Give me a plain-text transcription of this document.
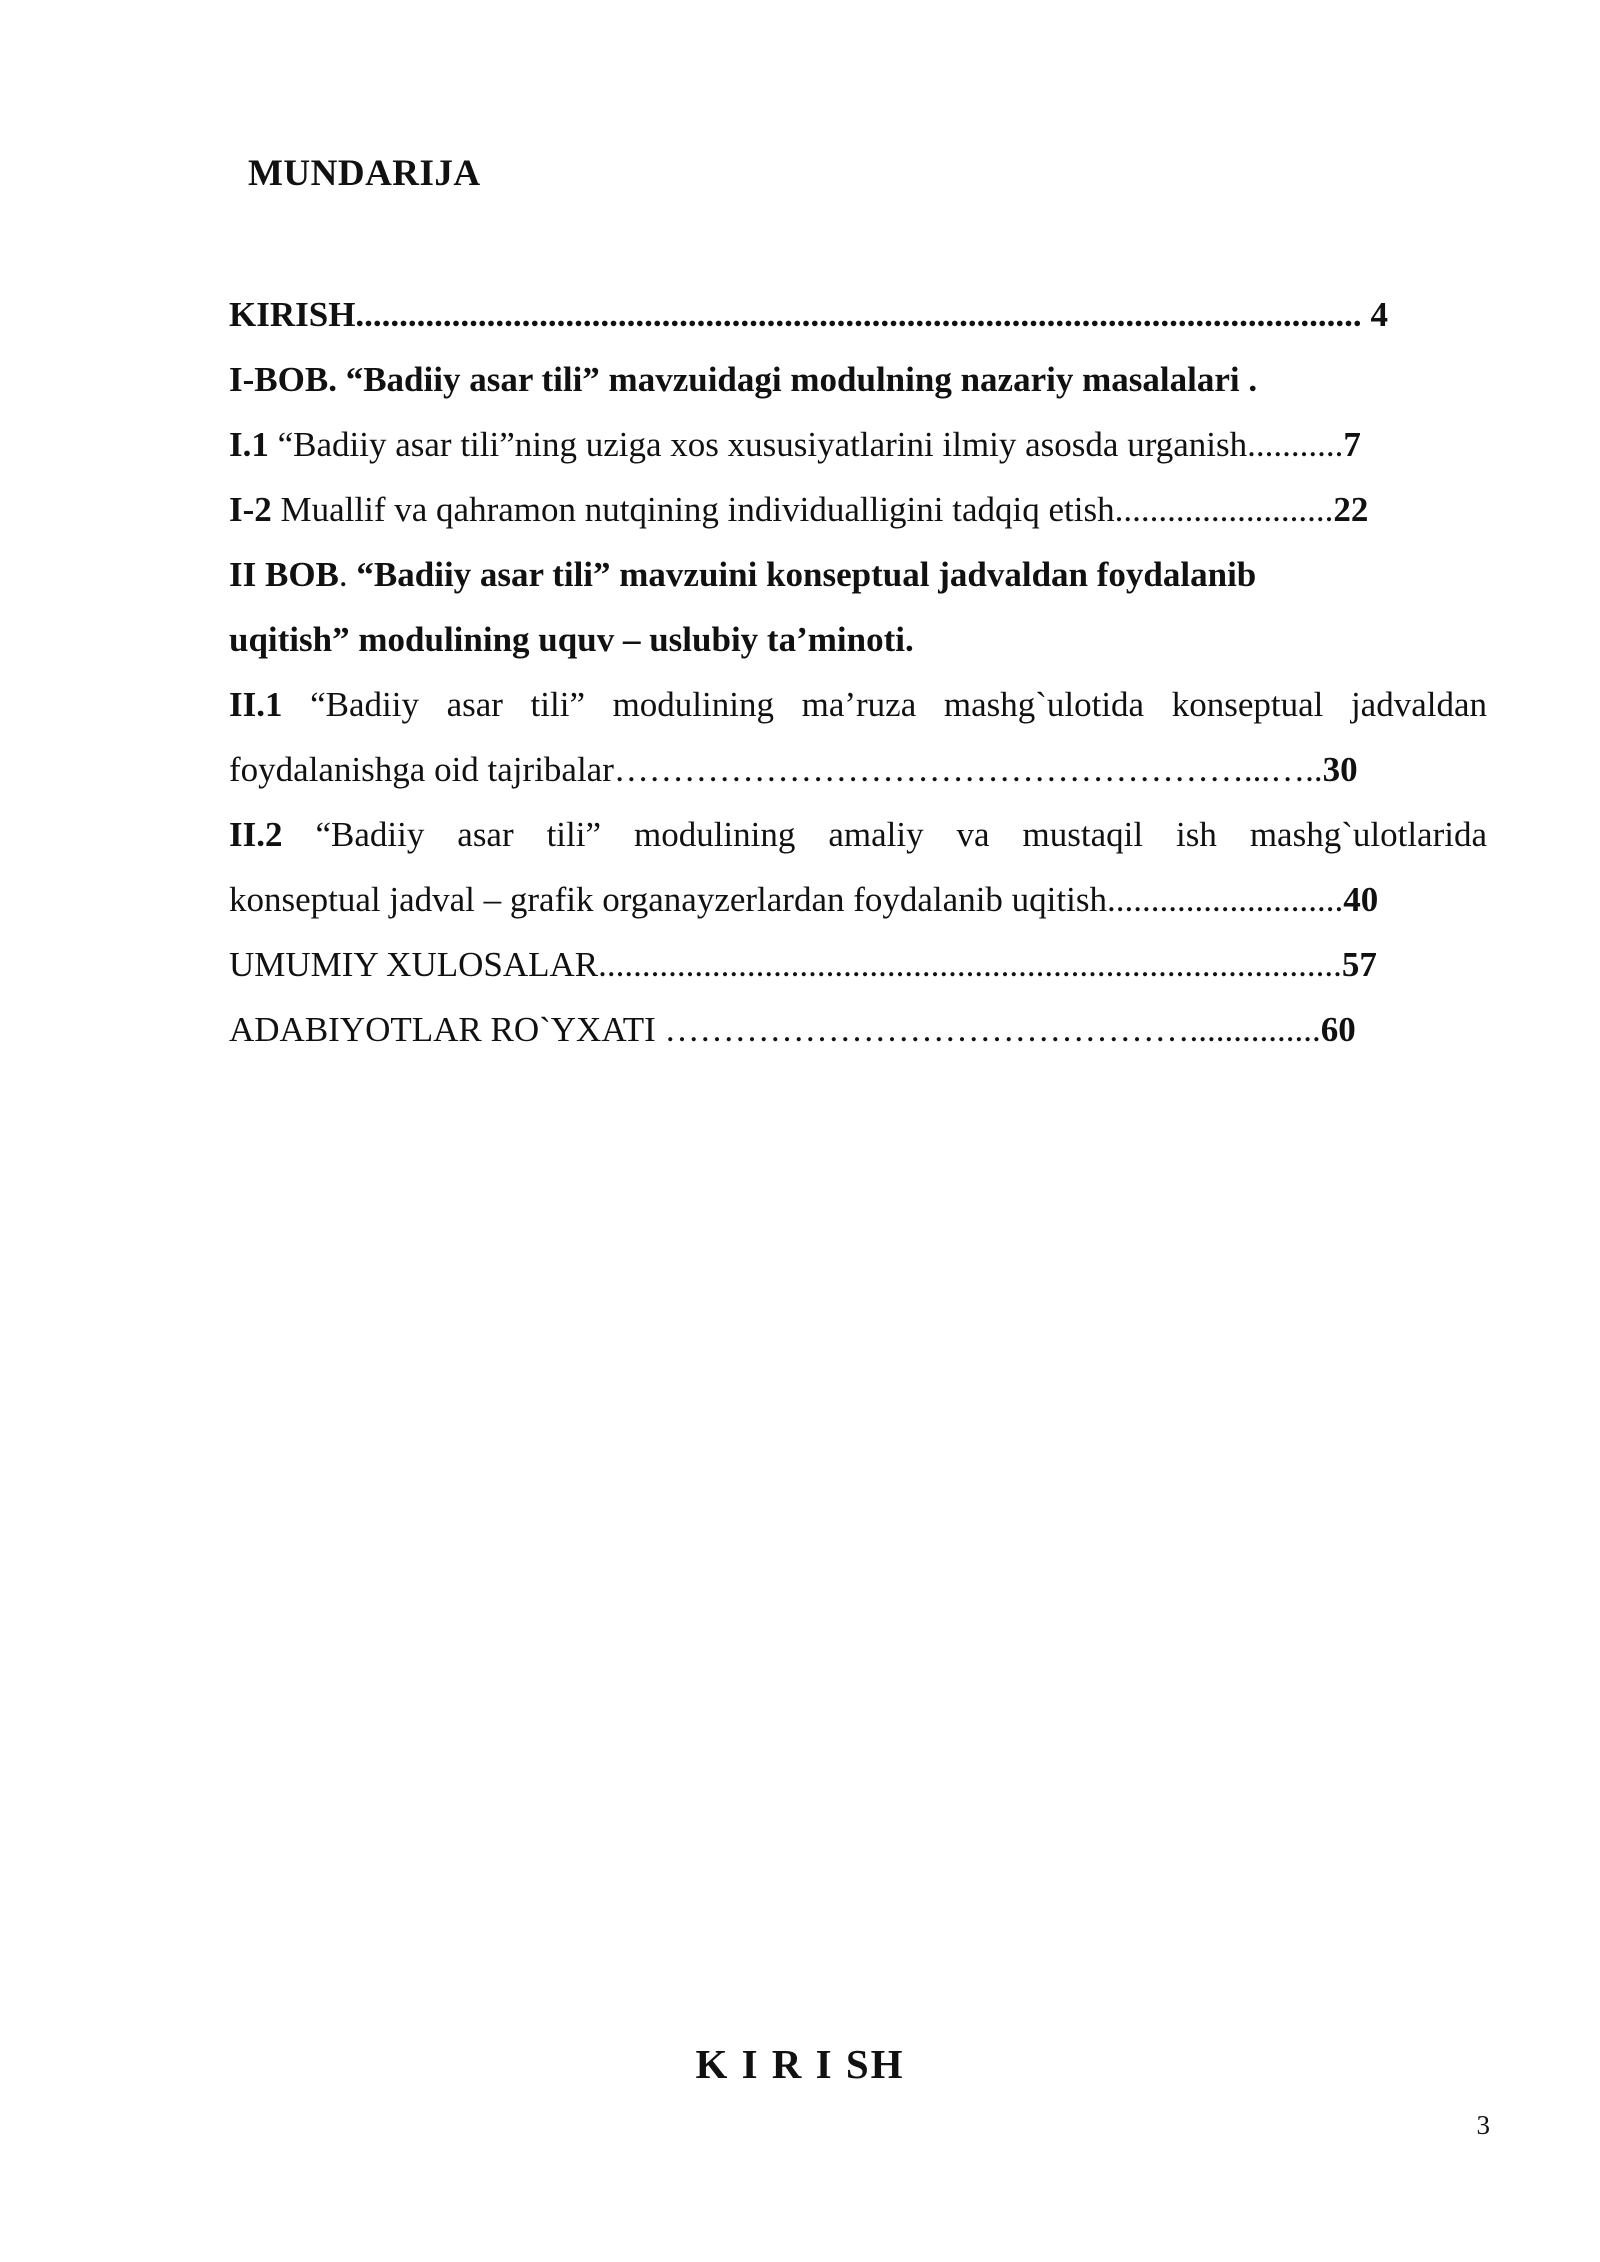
MUNDARIJA
KIRISH................................................................................................................... 4
I-BOB. “Badiiy asar tili” mavzuidagi modulning nazariy masalalari .
I.1 “Badiiy asar tili”ning uziga xos xususiyatlarini ilmiy asosda urganish...........7
I-2 Muallif va qahramon nutqining individualligini tadqiq etish.........................22
II BOB. “Badiiy asar tili” mavzuini konseptual jadvaldan foydalanib
uqitish” modulining uquv – uslubiy ta’minoti.
II.1 “Badiiy asar tili” modulining ma’ruza mashg`ulotida konseptual jadvaldan
foydalanishga oid tajribalar………………………………………………...…..30
II.2 “Badiiy asar tili” modulining amaliy va mustaqil ish mashg`ulotlarida
konseptual jadval – grafik organayzerlardan foydalanib uqitish...........................40
UMUMIY XULOSALAR.....................................................................................57
ADABIYOTLAR RO`YXATI ………………………………………...............60
K I R I SH
3
